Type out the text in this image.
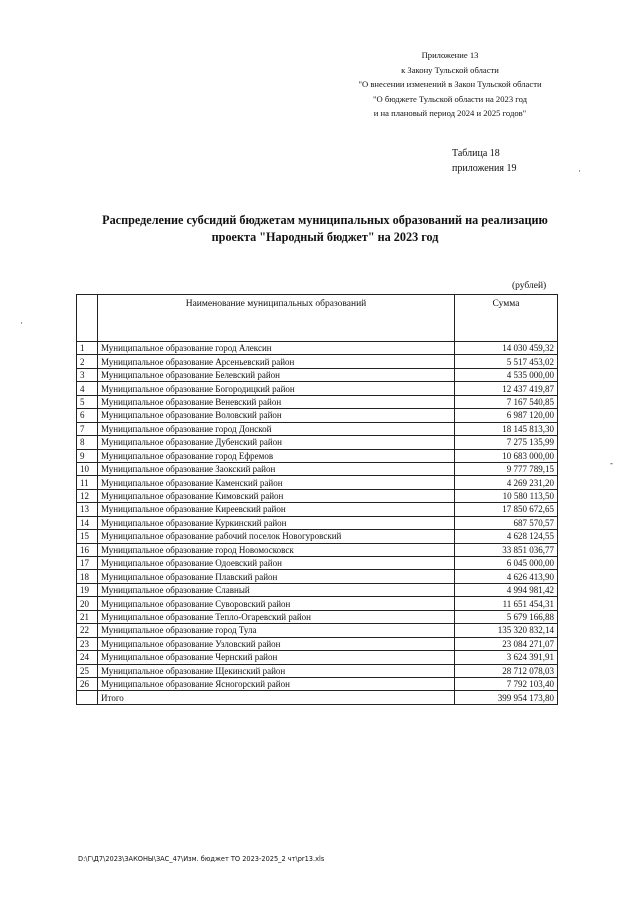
Приложение 13
к Закону Тульской области
"О внесении изменений в Закон Тульской области
"О бюджете Тульской области на 2023 год
и на плановый период 2024 и 2025 годов"
Таблица 18
приложения 19	·
·
-
Распределение субсидий бюджетам муниципальных образований на реализацию
проекта "Народный бюджет" на 2023 год
(рублей)
	Наименование муниципальных образований	Сумма
1	Муниципальное образование город Алексин	14 030 459,32
2	Муниципальное образование Арсеньевский район	5 517 453,02
3	Муниципальное образование Белевский район	4 535 000,00
4	Муниципальное образование Богородицкий район	12 437 419,87
5	Муниципальное образование Веневский район	7 167 540,85
6	Муниципальное образование Воловский район	6 987 120,00
7	Муниципальное образование город Донской	18 145 813,30
8	Муниципальное образование Дубенский район	7 275 135,99
9	Муниципальное образование город Ефремов	10 683 000,00
10	Муниципальное образование Заокский район	9 777 789,15
11	Муниципальное образование Каменский район	4 269 231,20
12	Муниципальное образование Кимовский район	10 580 113,50
13	Муниципальное образование Киреевский район	17 850 672,65
14	Муниципальное образование Куркинский район	687 570,57
15	Муниципальное образование рабочий поселок Новогуровский	4 628 124,55
16	Муниципальное образование город Новомосковск	33 851 036,77
17	Муниципальное образование Одоевский район	6 045 000,00
18	Муниципальное образование Плавский район	4 626 413,90
19	Муниципальное образование Славный	4 994 981,42
20	Муниципальное образование Суворовский район	11 651 454,31
21	Муниципальное образование Тепло-Огаревский район	5 679 166,88
22	Муниципальное образование город Тула	135 320 832,14
23	Муниципальное образование Узловский район	23 084 271,07
24	Муниципальное образование Чернский район	3 624 391,91
25	Муниципальное образование Щекинский район	28 712 078,03
26	Муниципальное образование Ясногорский район	7 792 103,40
	Итого	399 954 173,80
D:\Г\Д7\2023\ЗАКОНЫ\ЗАС_47\Изм. бюджет ТО 2023-2025_2 чт\pr13.xls
